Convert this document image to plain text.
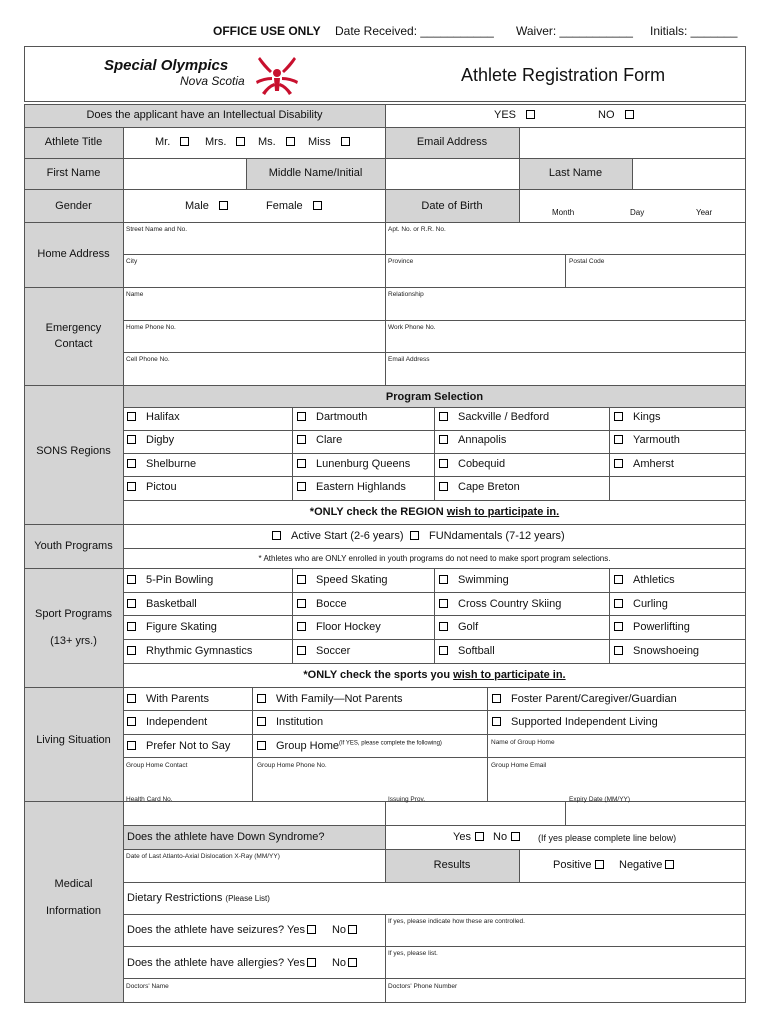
OFFICE USE ONLY Date Received: ___________ Waiver: ___________ Initials: _______
Special Olympics
Nova Scotia	Athlete Registration Form
Does the applicant have an Intellectual Disability	YES	NO
Athlete Title	Mr.	Mrs.	Ms.	Miss	Email Address
First Name	Middle Name/Initial	Last Name
Gender	Male	Female	Date of Birth
Month	Day	Year
Home Address
Street Name and No.	Apt. No. or R.R. No.
City	Province	Postal Code
Emergency
Contact
Name	Relationship
Home Phone No.	Work Phone No.
Cell Phone No.	Email Address
Program Selection
SONS Regions
*ONLY check the REGION wish to participate in.
Youth Programs
Active Start (2-6 years) FUNdamentals (7-12 years)
* Athletes who are ONLY enrolled in youth programs do not need to make sport program selections.
Sport Programs
(13+ yrs.)
*ONLY check the sports you wish to participate in.
Living Situation
With Parents	With Family—Not Parents	Foster Parent/Caregiver/Guardian
Independent	Institution	Supported Independent Living
Prefer Not to Say	Group Home$^{(If YES, please complete the following)}$	Name of Group Home
Group Home Contact	Group Home Phone No.	Group Home Email
Medical
Information
Health Card No.	Issuing Prov.	Expiry Date (MM/YY)
Does the athlete have Down Syndrome?	Yes No	(If yes please complete line below)
Date of Last Atlanto-Axial Dislocation X-Ray (MM/YY)
Results	Positive Negative
Dietary Restrictions (Please List)
Does the athlete have seizures? Yes No
If yes, please indicate how these are controlled.
Does the athlete have allergies? Yes No
If yes, please list.
Doctors' Name	Doctors' Phone Number
Halifax	Dartmouth	Sackville / Bedford	Kings
Digby	Clare	Annapolis	Yarmouth
Shelburne	Lunenburg Queens	Cobequid	Amherst
Pictou	Eastern Highlands	Cape Breton
5-Pin Bowling	Speed Skating	Swimming	Athletics
Basketball	Bocce	Cross Country Skiing	Curling
Figure Skating	Floor Hockey	Golf	Powerlifting
Rhythmic Gymnastics	Soccer	Softball	Snowshoeing
